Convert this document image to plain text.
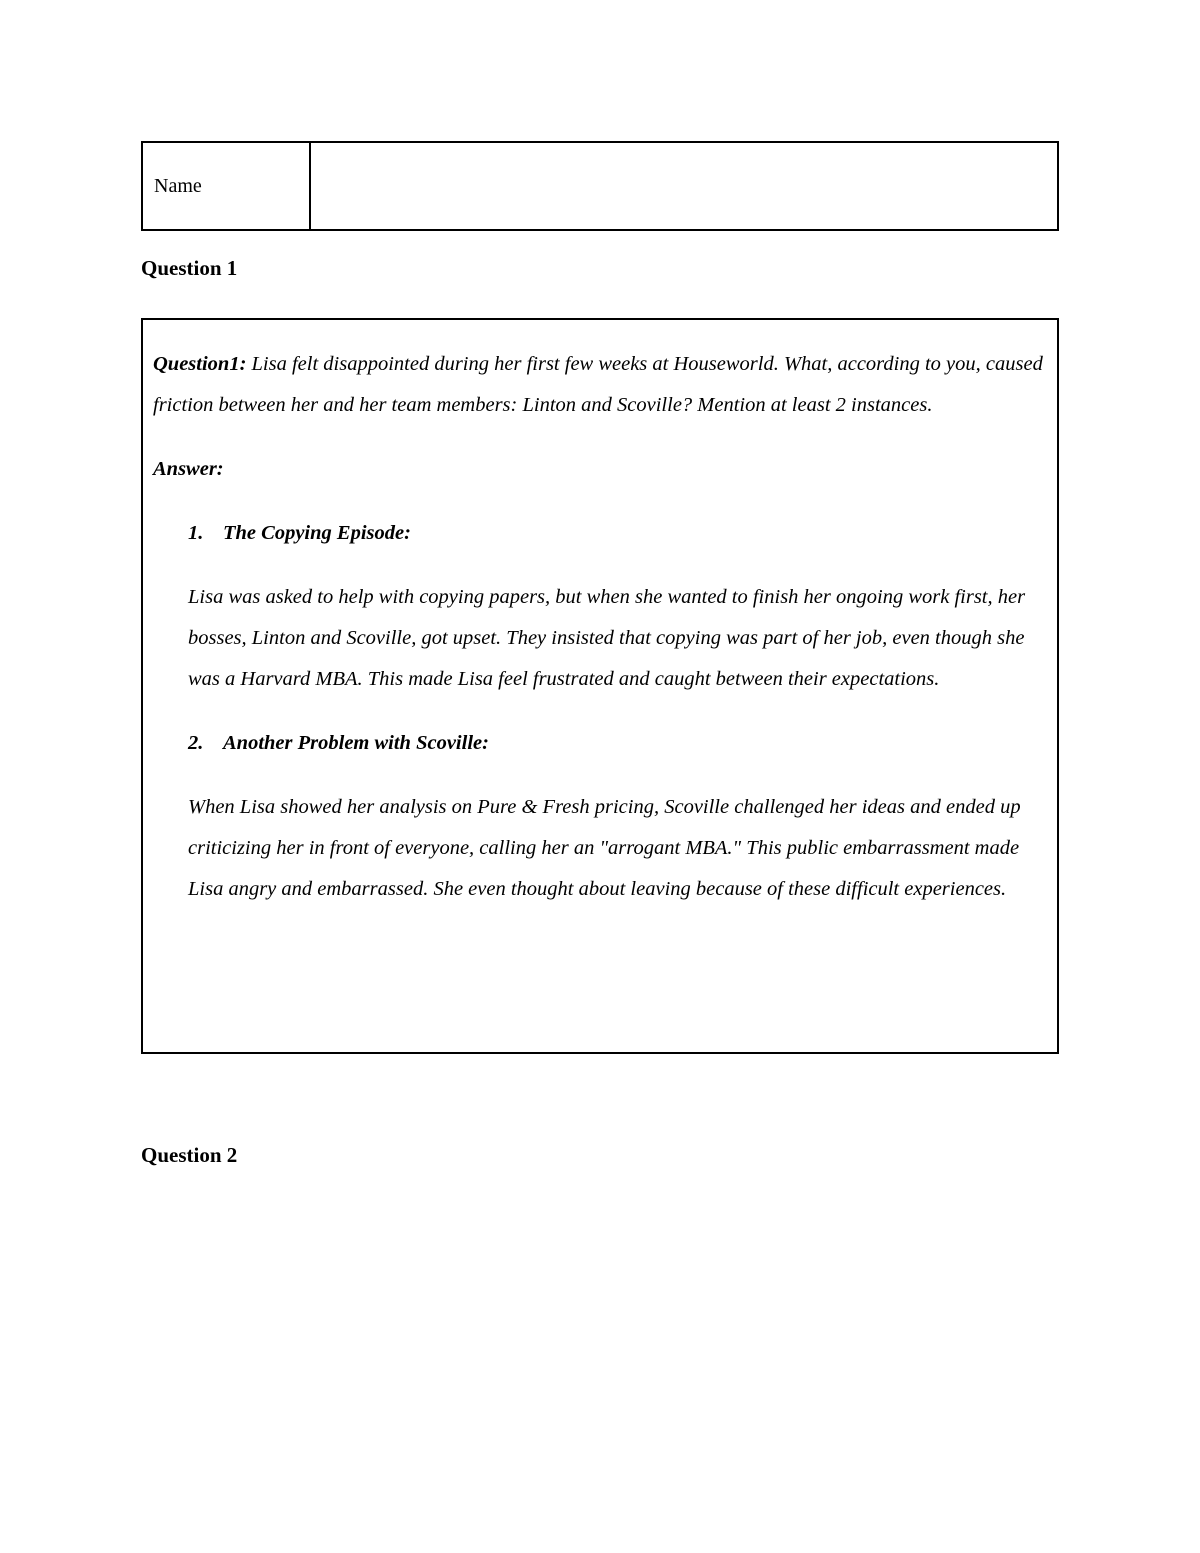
Name	
Question 1

Question1: Lisa felt disappointed during her first few weeks at Houseworld. What, according to you, caused friction between her and her team members: Linton and Scoville? Mention at least 2 instances.

Answer:

1. The Copying Episode:

Lisa was asked to help with copying papers, but when she wanted to finish her ongoing work first, her bosses, Linton and Scoville, got upset. They insisted that copying was part of her job, even though she was a Harvard MBA. This made Lisa feel frustrated and caught between their expectations.

2. Another Problem with Scoville:

When Lisa showed her analysis on Pure & Fresh pricing, Scoville challenged her ideas and ended up criticizing her in front of everyone, calling her an "arrogant MBA." This public embarrassment made Lisa angry and embarrassed. She even thought about leaving because of these difficult experiences.

Question 2
